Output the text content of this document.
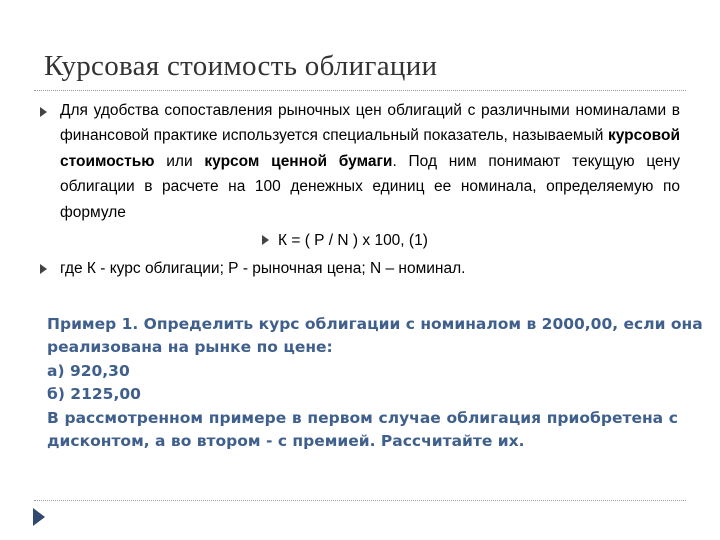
Курсовая стоимость облигации
Для удобства сопоставления рыночных цен облигаций с различными номиналами в финансовой практике используется специальный показатель, называемый курсовой стоимостью или курсом ценной бумаги. Под ним понимают текущую цену облигации в расчете на 100 денежных единиц ее номинала, определяемую по формуле
К = ( Р / N ) х 100, (1)
где К - курс облигации; Р - рыночная цена; N – номинал.
Пример 1. Определить курс облигации с номиналом в 2000,00, если она
реализована на рынке по цене:
а) 920,30
б) 2125,00
В рассмотренном примере в первом случае облигация приобретена с дисконтом, а во втором - с премией. Рассчитайте их.
